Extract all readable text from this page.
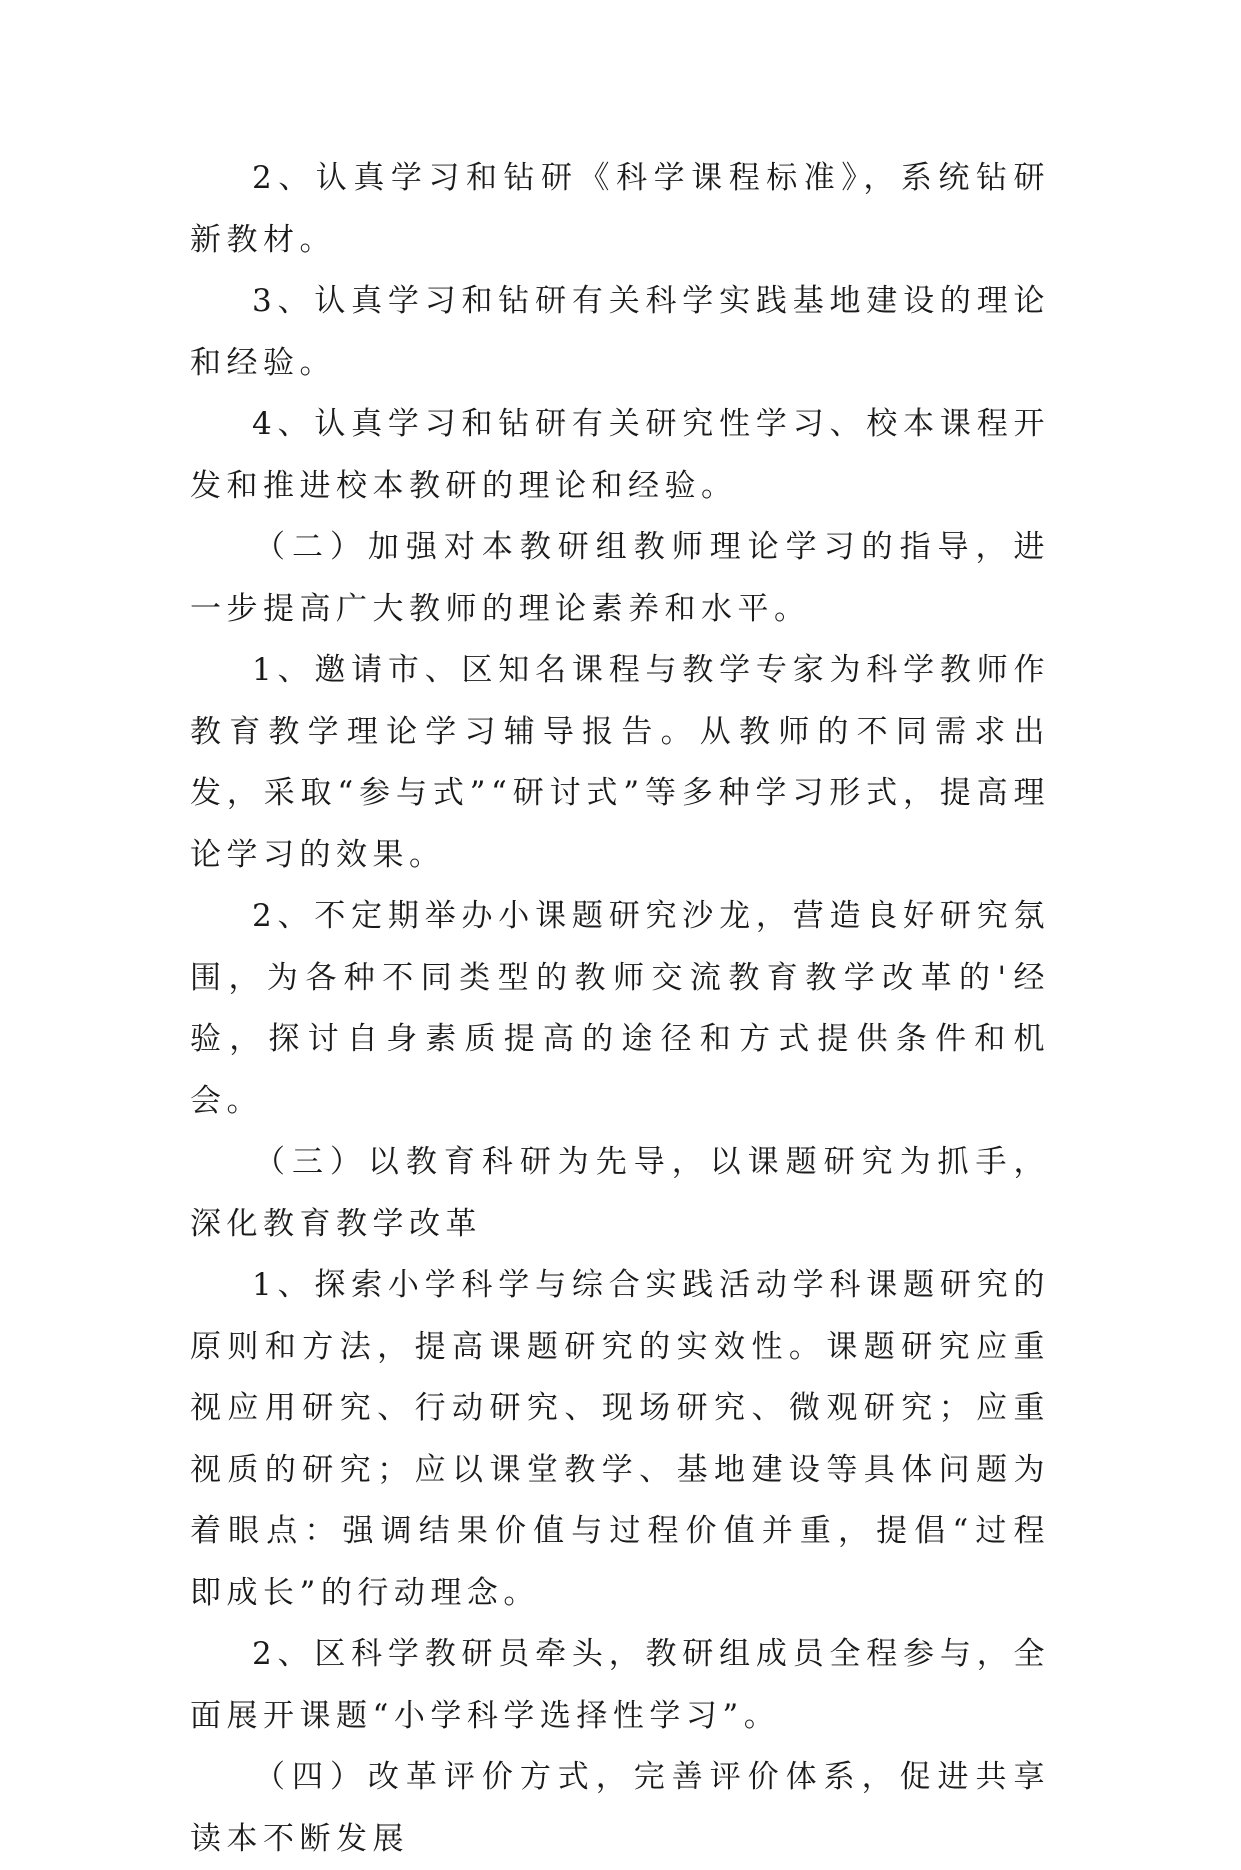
2、认真学习和钻研《科学课程标准》，系统钻研新教材。

3、认真学习和钻研有关科学实践基地建设的理论和经验。

4、认真学习和钻研有关研究性学习、校本课程开发和推进校本教研的理论和经验。

（二）加强对本教研组教师理论学习的指导，进一步提高广大教师的理论素养和水平。

1、邀请市、区知名课程与教学专家为科学教师作教育教学理论学习辅导报告。从教师的不同需求出发，采取“参与式”“研讨式”等多种学习形式，提高理论学习的效果。

2、不定期举办小课题研究沙龙，营造良好研究氛围，为各种不同类型的教师交流教育教学改革的'经验，探讨自身素质提高的途径和方式提供条件和机会。

（三）以教育科研为先导，以课题研究为抓手，深化教育教学改革

1、探索小学科学与综合实践活动学科课题研究的原则和方法，提高课题研究的实效性。课题研究应重视应用研究、行动研究、现场研究、微观研究；应重视质的研究；应以课堂教学、基地建设等具体问题为着眼点：强调结果价值与过程价值并重，提倡“过程即成长”的行动理念。

2、区科学教研员牵头，教研组成员全程参与，全面展开课题“小学科学选择性学习”。

（四）改革评价方式，完善评价体系，促进共享读本不断发展
